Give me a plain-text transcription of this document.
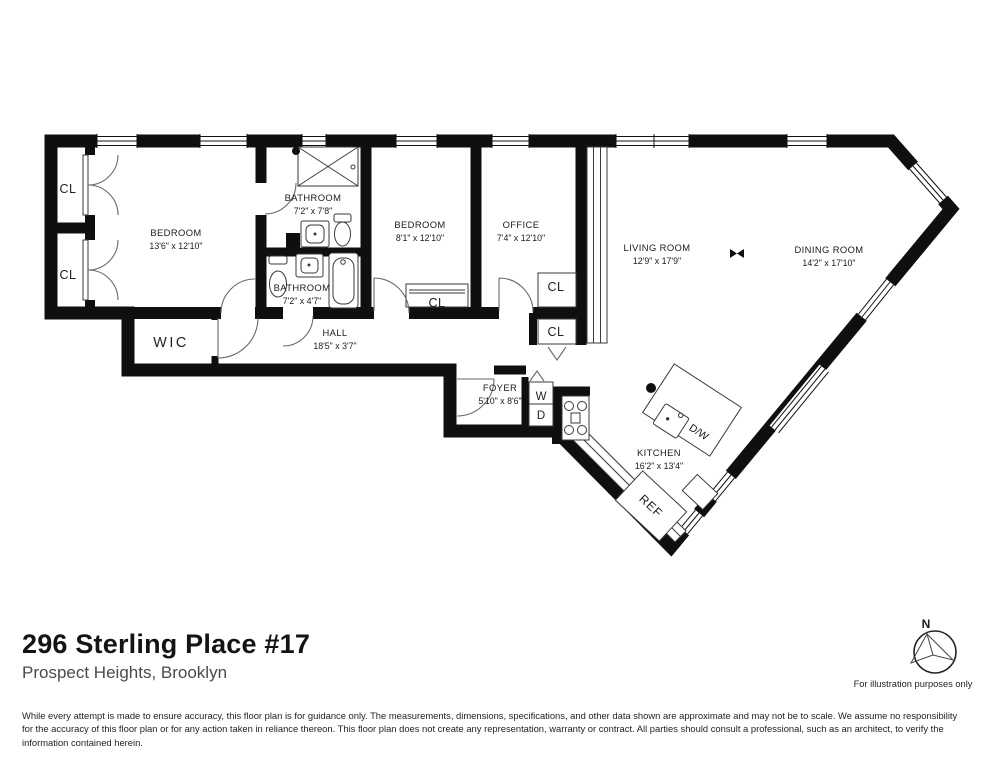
REF
D/W
W
D
CL
CL
BEDROOM
13'6" x 12'10"
BATHROOM
7'2" x 7'8"
BATHROOM
7'2" x 4'7"
BEDROOM
8'1" x 12'10"
OFFICE
7'4" x 12'10"
LIVING ROOM
12'9" x 17'9"
DINING ROOM
14'2" x 17'10"
CL
CL
CL
WIC
HALL
18'5" x 3'7"
FOYER
5'10" x 8'6"
KITCHEN
16'2" x 13'4"
296 Sterling Place #17

Prospect Heights, Brooklyn

N
For illustration purposes only
While every attempt is made to ensure accuracy, this floor plan is for guidance only. The measurements, dimensions, specifications, and other data shown are approximate and may not be to scale. We assume no responsibility for the accuracy of this floor plan or for any action taken in reliance thereon. This floor plan does not create any representation, warranty or contract. All parties should consult a professional, such as an architect, to verify the information contained herein.
